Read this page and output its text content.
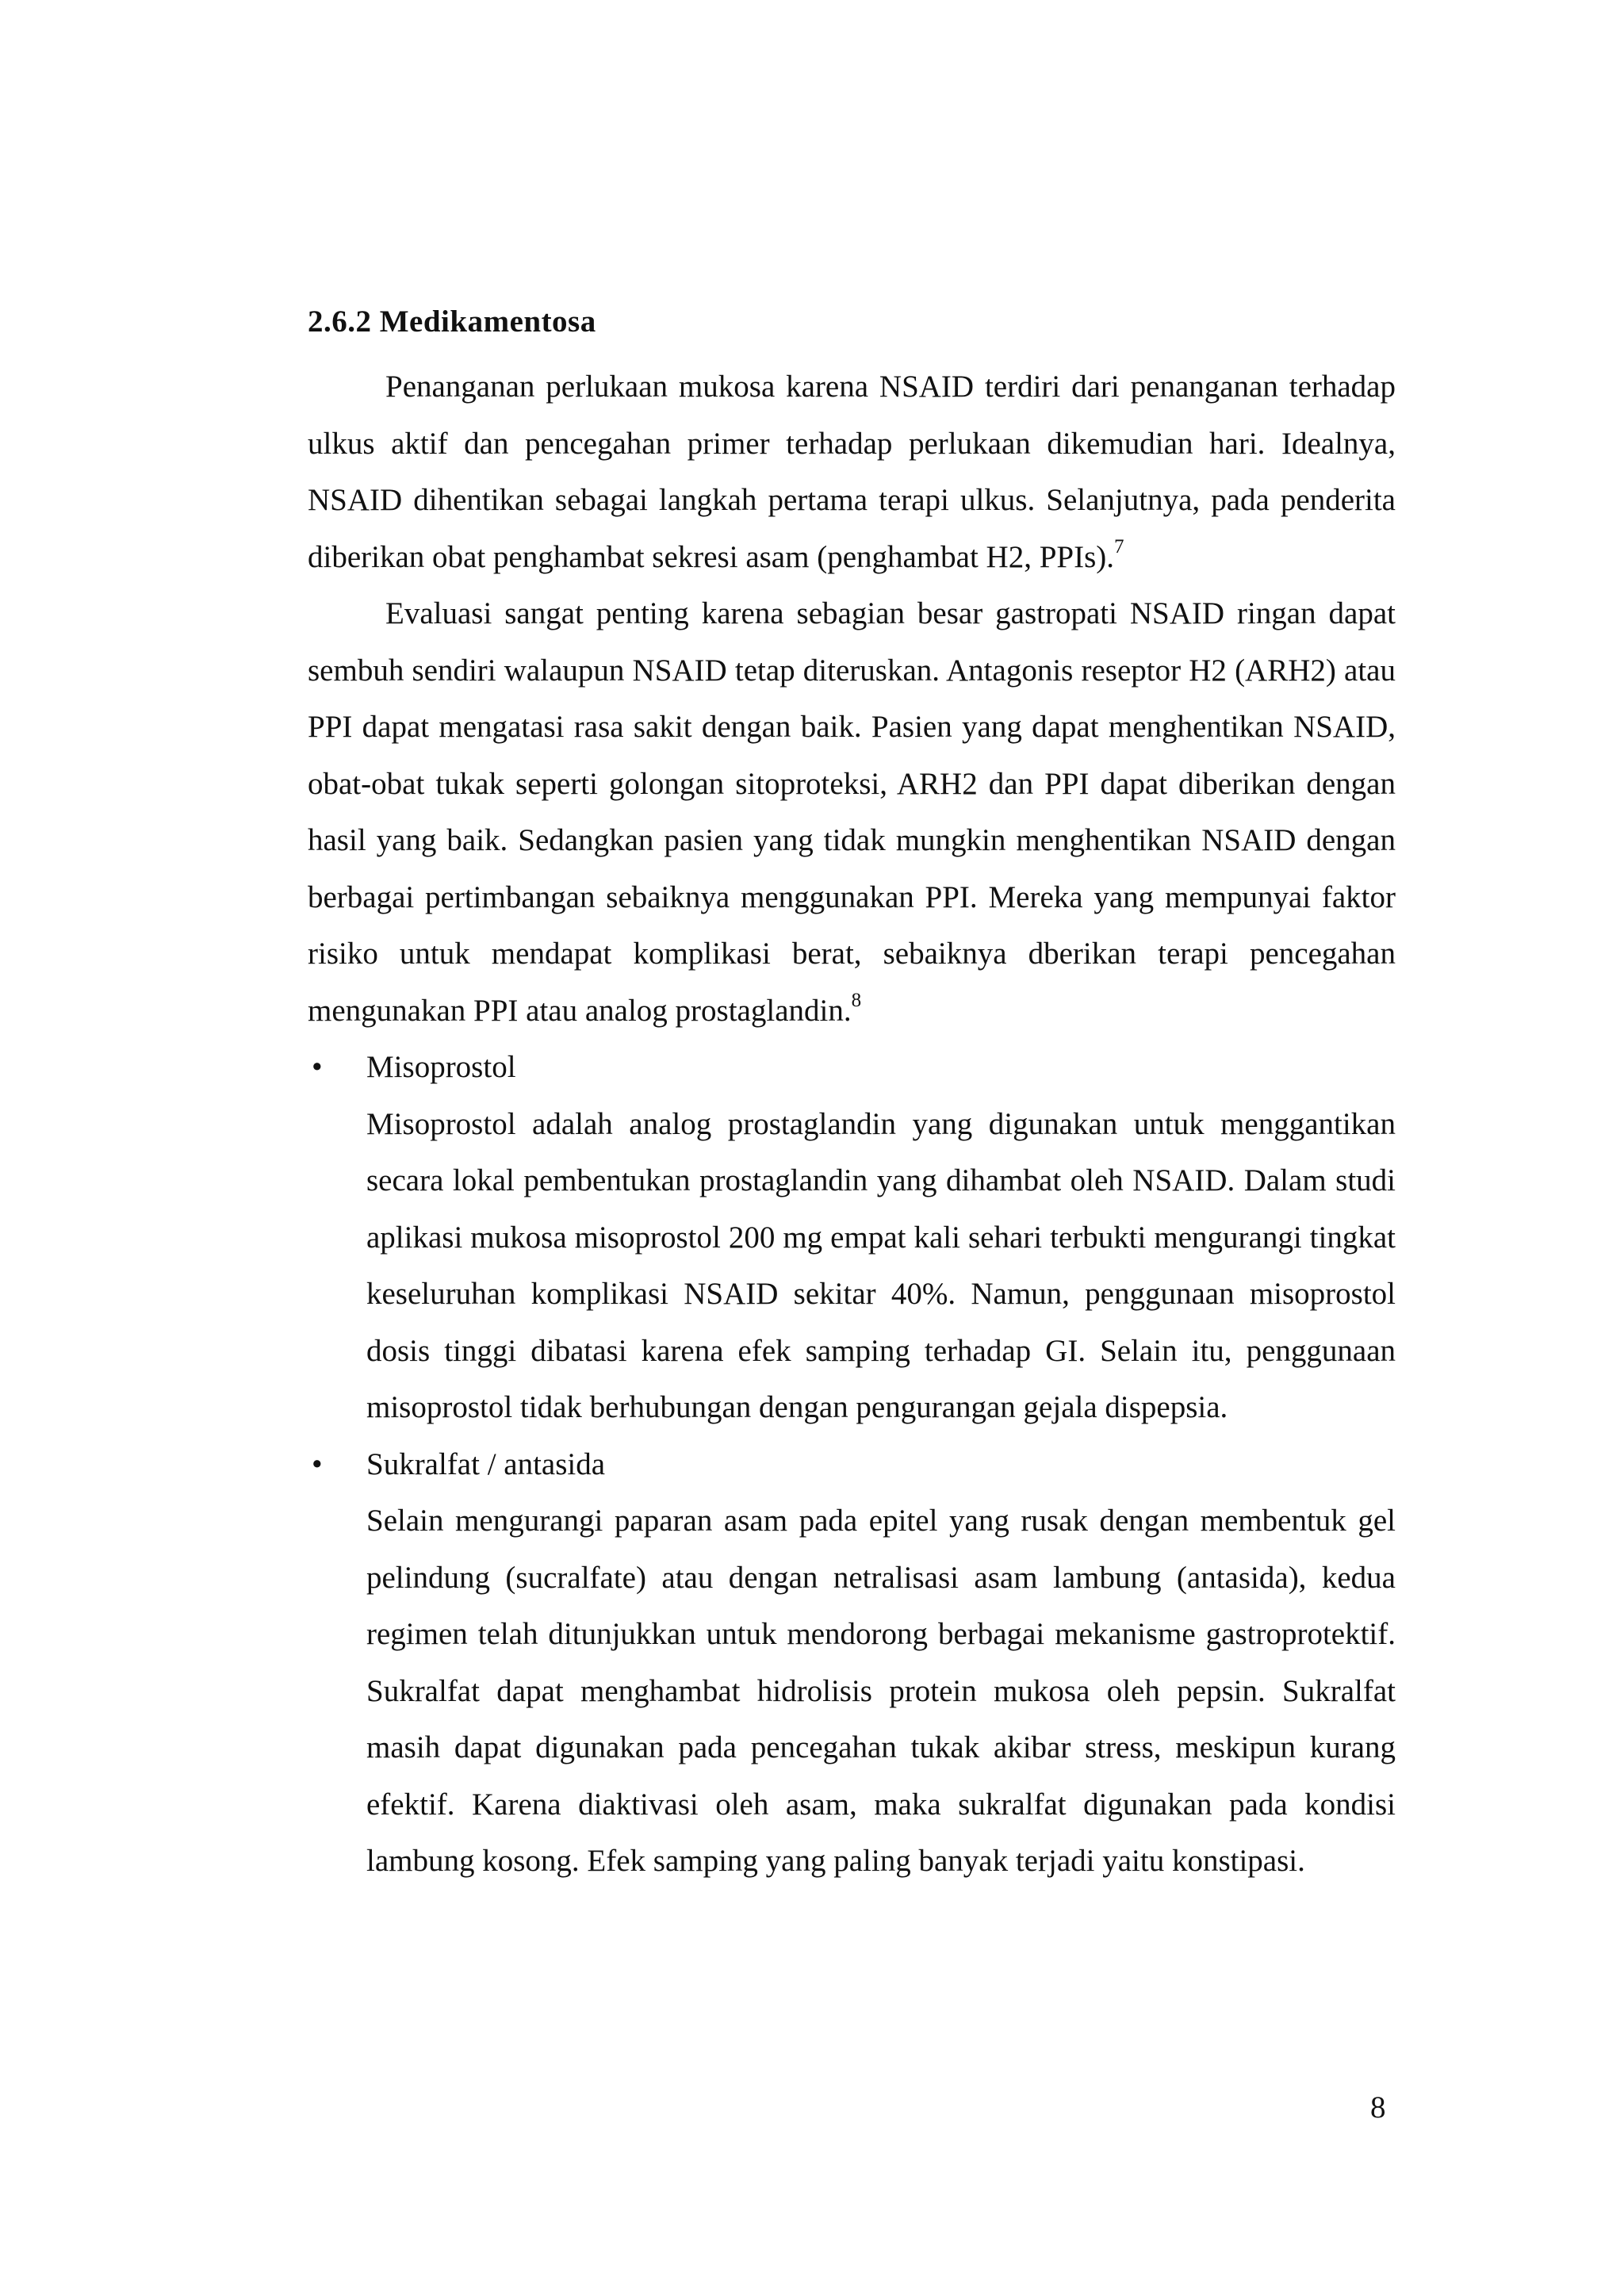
2.6.2 Medikamentosa

Penanganan perlukaan mukosa karena NSAID terdiri dari penanganan terhadap ulkus aktif dan pencegahan primer terhadap perlukaan dikemudian hari. Idealnya, NSAID dihentikan sebagai langkah pertama terapi ulkus. Selanjutnya, pada penderita diberikan obat penghambat sekresi asam (penghambat H2, PPIs).$^7$

Evaluasi sangat penting karena sebagian besar gastropati NSAID ringan dapat sembuh sendiri walaupun NSAID tetap diteruskan. Antagonis reseptor H2 (ARH2) atau PPI dapat mengatasi rasa sakit dengan baik. Pasien yang dapat menghentikan NSAID, obat-obat tukak seperti golongan sitoproteksi, ARH2 dan PPI dapat diberikan dengan hasil yang baik. Sedangkan pasien yang tidak mungkin menghentikan NSAID dengan berbagai pertimbangan sebaiknya menggunakan PPI. Mereka yang mempunyai faktor risiko untuk mendapat komplikasi berat, sebaiknya dberikan terapi pencegahan mengunakan PPI atau analog prostaglandin.$^8$

• Misoprostol

Misoprostol adalah analog prostaglandin yang digunakan untuk menggantikan secara lokal pembentukan prostaglandin yang dihambat oleh NSAID. Dalam studi aplikasi mukosa misoprostol 200 mg empat kali sehari terbukti mengurangi tingkat keseluruhan komplikasi NSAID sekitar 40%. Namun, penggunaan misoprostol dosis tinggi dibatasi karena efek samping terhadap GI. Selain itu, penggunaan misoprostol tidak berhubungan dengan pengurangan gejala dispepsia.

• Sukralfat / antasida

Selain mengurangi paparan asam pada epitel yang rusak dengan membentuk gel pelindung (sucralfate) atau dengan netralisasi asam lambung (antasida), kedua regimen telah ditunjukkan untuk mendorong berbagai mekanisme gastroprotektif. Sukralfat dapat menghambat hidrolisis protein mukosa oleh pepsin. Sukralfat masih dapat digunakan pada pencegahan tukak akibar stress, meskipun kurang efektif. Karena diaktivasi oleh asam, maka sukralfat digunakan pada kondisi lambung kosong. Efek samping yang paling banyak terjadi yaitu konstipasi.

8
